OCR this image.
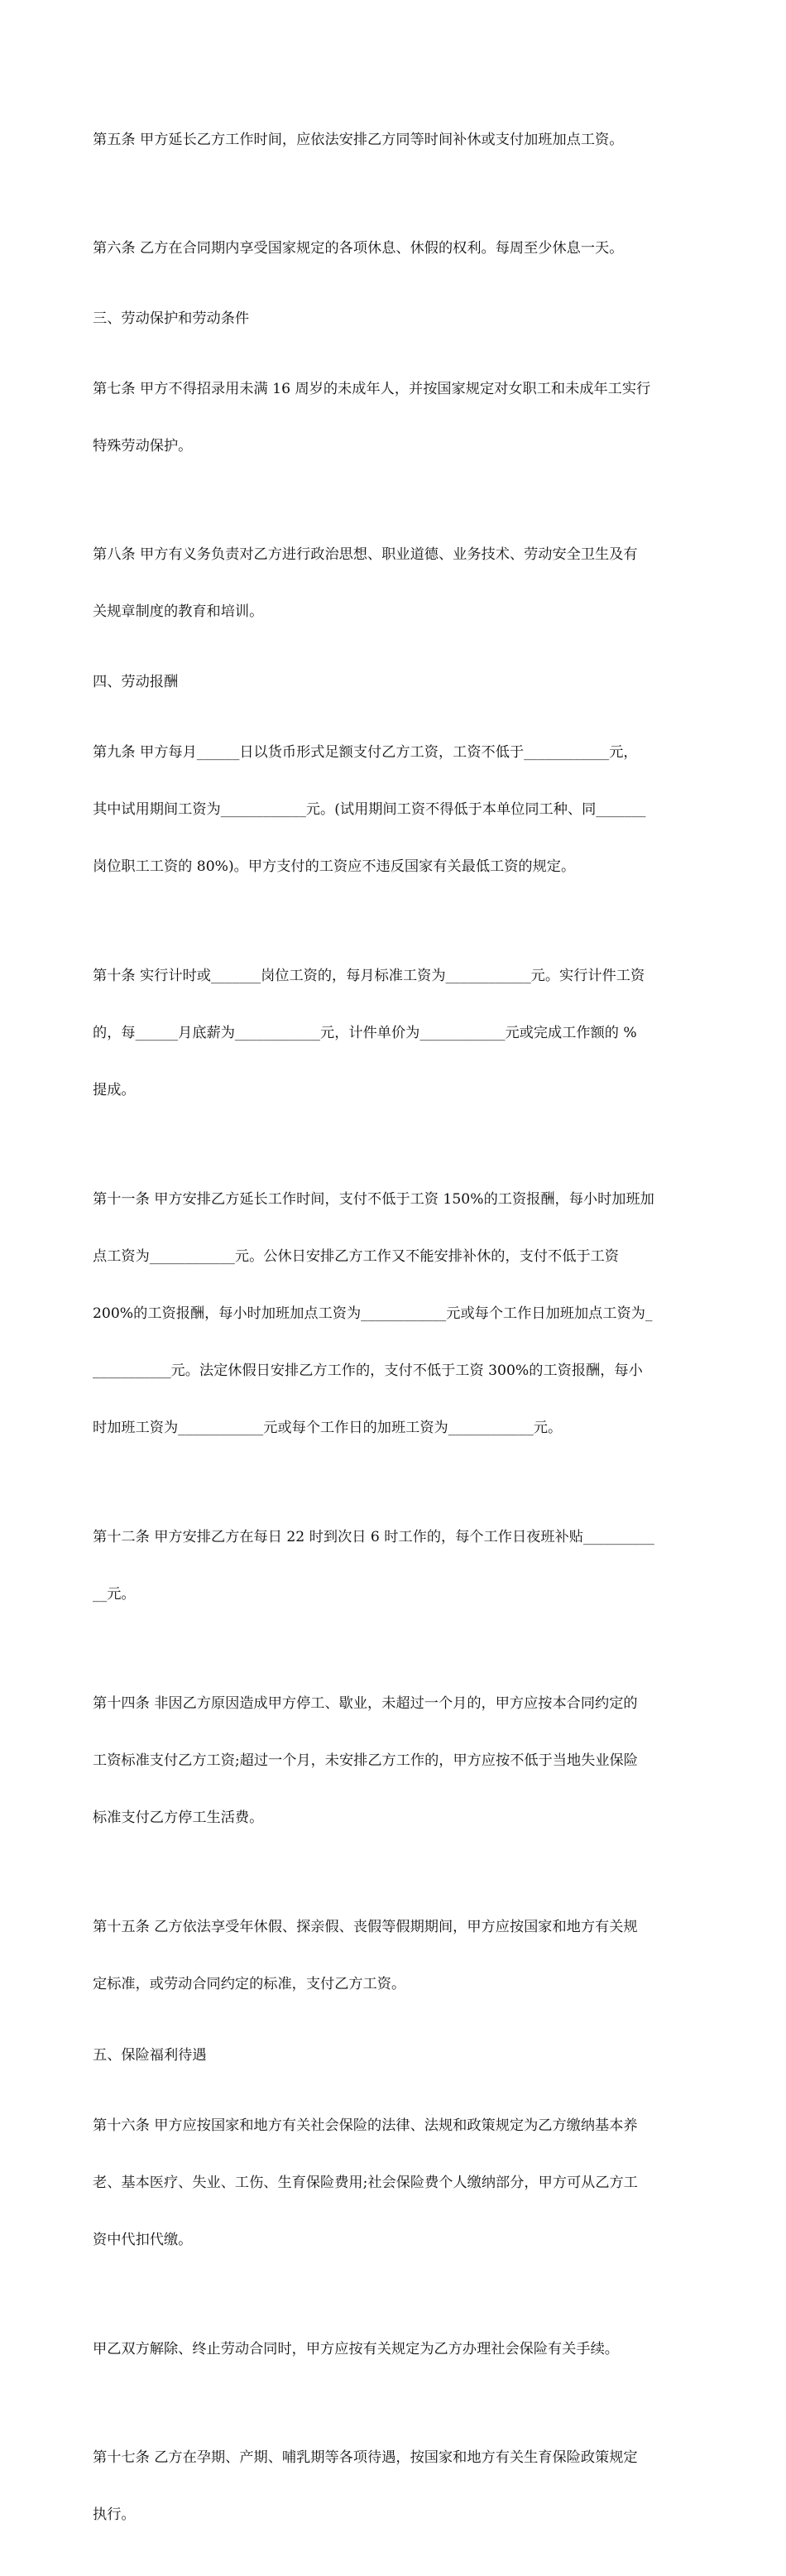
第五条 甲方延长乙方工作时间，应依法安排乙方同等时间补休或支付加班加点工资。

第六条 乙方在合同期内享受国家规定的各项休息、休假的权利。每周至少休息一天。

三、劳动保护和劳动条件

第七条 甲方不得招录用未满 16 周岁的未成年人，并按国家规定对女职工和未成年工实行

特殊劳动保护。

第八条 甲方有义务负责对乙方进行政治思想、职业道德、业务技术、劳动安全卫生及有

关规章制度的教育和培训。

四、劳动报酬

第九条 甲方每月______日以货币形式足额支付乙方工资，工资不低于____________元，

其中试用期间工资为____________元。(试用期间工资不得低于本单位同工种、同_______

岗位职工工资的 80%)。甲方支付的工资应不违反国家有关最低工资的规定。

第十条 实行计时或_______岗位工资的，每月标准工资为____________元。实行计件工资

的，每______月底薪为____________元，计件单价为____________元或完成工作额的 %

提成。

第十一条 甲方安排乙方延长工作时间，支付不低于工资 150%的工资报酬，每小时加班加

点工资为____________元。公休日安排乙方工作又不能安排补休的，支付不低于工资

200%的工资报酬，每小时加班加点工资为____________元或每个工作日加班加点工资为_

___________元。法定休假日安排乙方工作的，支付不低于工资 300%的工资报酬，每小

时加班工资为____________元或每个工作日的加班工资为____________元。

第十二条 甲方安排乙方在每日 22 时到次日 6 时工作的，每个工作日夜班补贴__________

__元。

第十四条 非因乙方原因造成甲方停工、歇业，未超过一个月的，甲方应按本合同约定的

工资标准支付乙方工资;超过一个月，未安排乙方工作的，甲方应按不低于当地失业保险

标准支付乙方停工生活费。

第十五条 乙方依法享受年休假、探亲假、丧假等假期期间，甲方应按国家和地方有关规

定标准，或劳动合同约定的标准，支付乙方工资。

五、保险福利待遇

第十六条 甲方应按国家和地方有关社会保险的法律、法规和政策规定为乙方缴纳基本养

老、基本医疗、失业、工伤、生育保险费用;社会保险费个人缴纳部分，甲方可从乙方工

资中代扣代缴。

甲乙双方解除、终止劳动合同时，甲方应按有关规定为乙方办理社会保险有关手续。

第十七条 乙方在孕期、产期、哺乳期等各项待遇，按国家和地方有关生育保险政策规定

执行。
